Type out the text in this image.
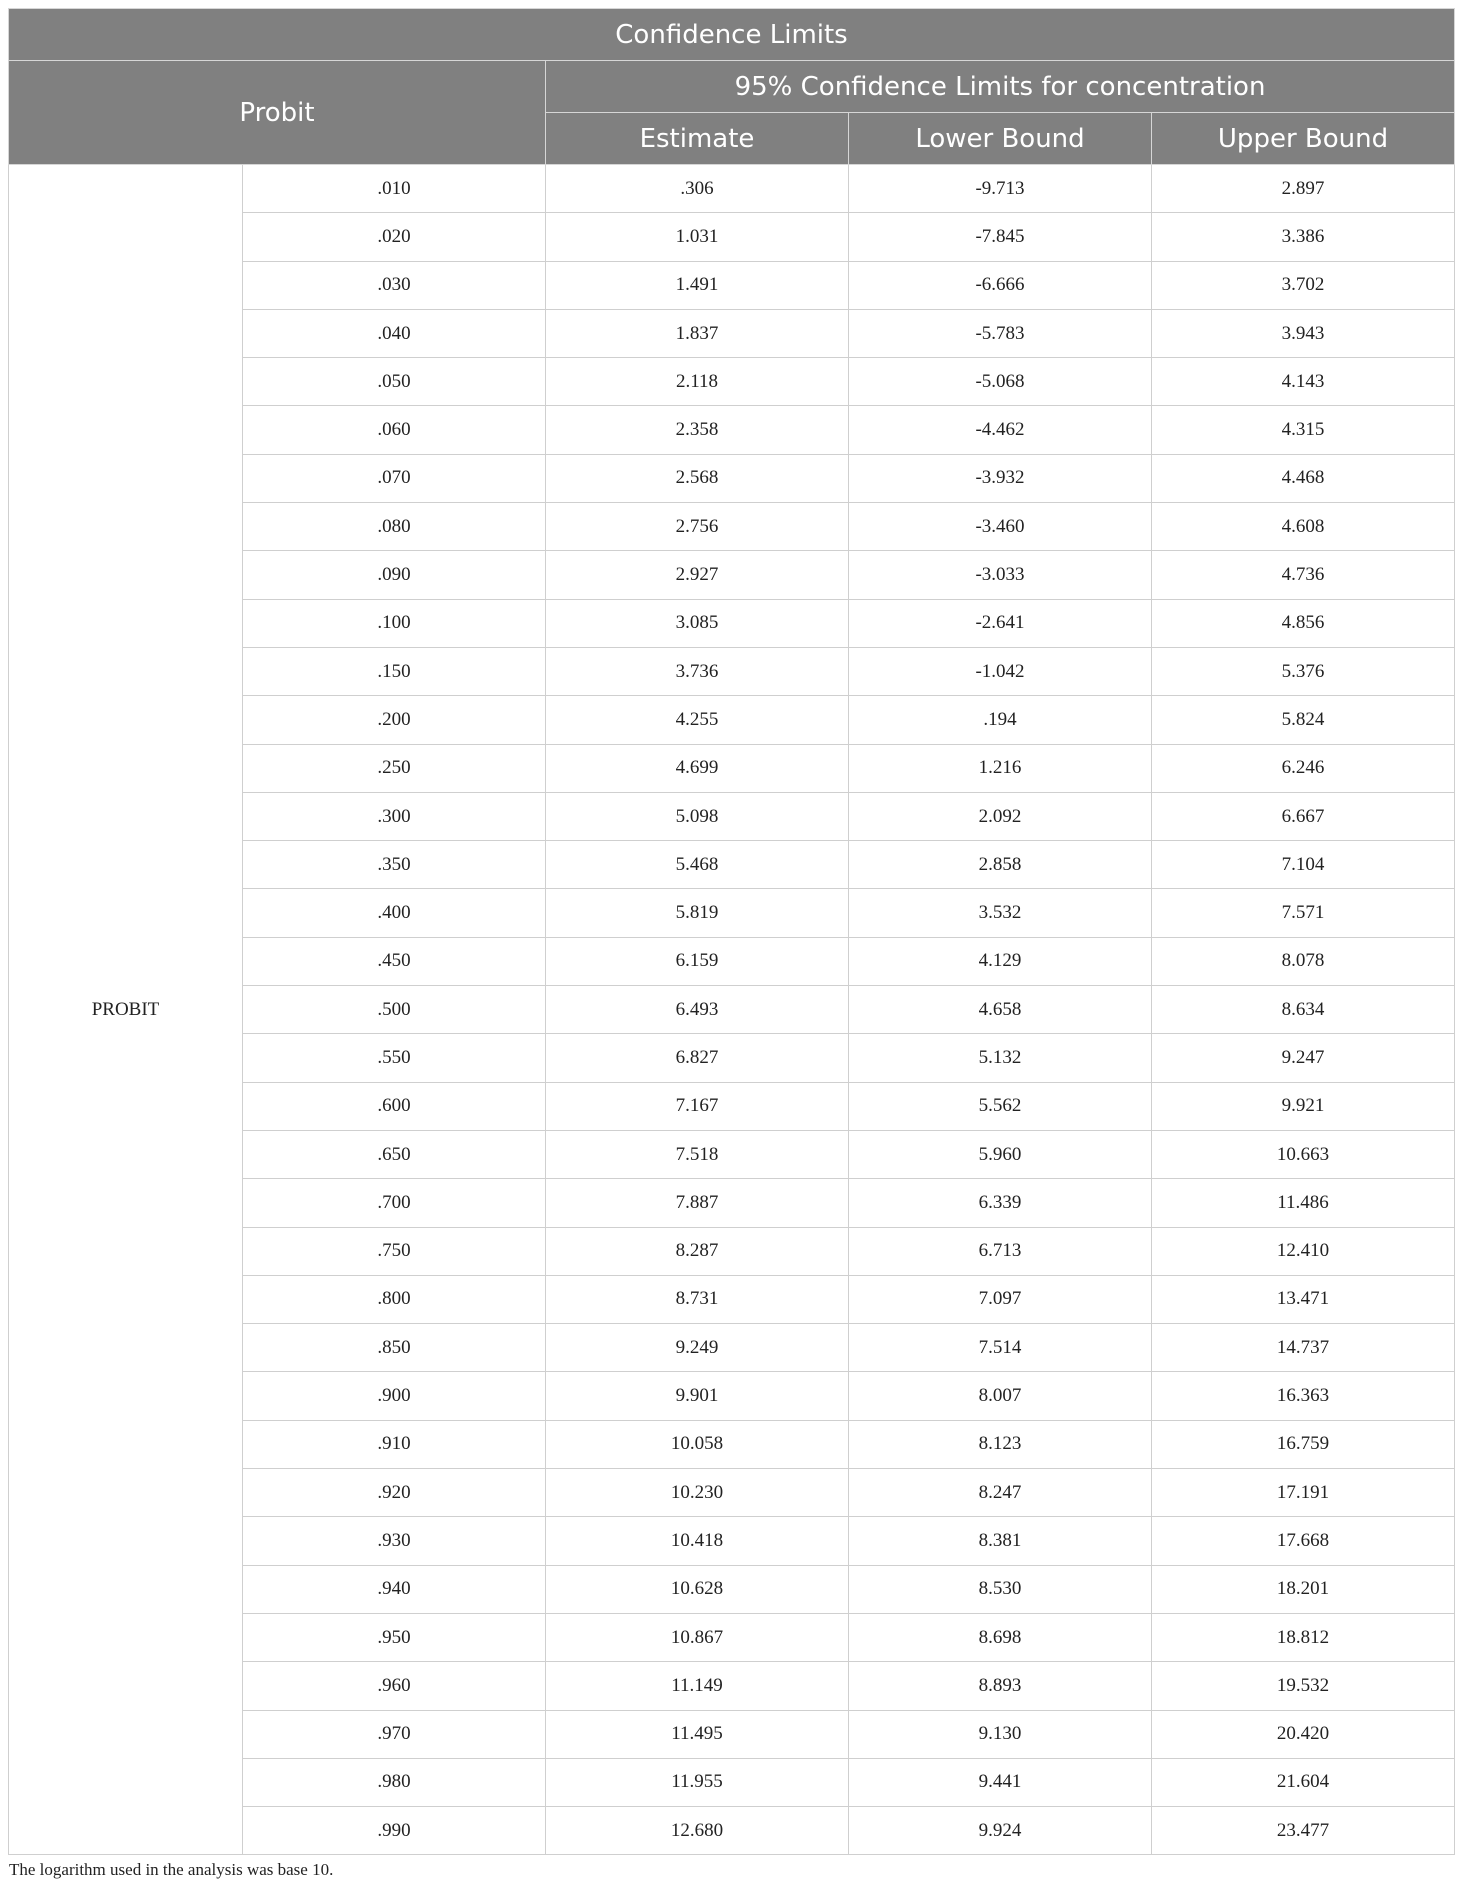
Confidence Limits				
Probit		95% Confidence Limits for concentration		
		Estimate	Lower Bound	Upper Bound
PROBIT	.010	.306	-9.713	2.897
	.020	1.031	-7.845	3.386
	.030	1.491	-6.666	3.702
	.040	1.837	-5.783	3.943
	.050	2.118	-5.068	4.143
	.060	2.358	-4.462	4.315
	.070	2.568	-3.932	4.468
	.080	2.756	-3.460	4.608
	.090	2.927	-3.033	4.736
	.100	3.085	-2.641	4.856
	.150	3.736	-1.042	5.376
	.200	4.255	.194	5.824
	.250	4.699	1.216	6.246
	.300	5.098	2.092	6.667
	.350	5.468	2.858	7.104
	.400	5.819	3.532	7.571
	.450	6.159	4.129	8.078
	.500	6.493	4.658	8.634
	.550	6.827	5.132	9.247
	.600	7.167	5.562	9.921
	.650	7.518	5.960	10.663
	.700	7.887	6.339	11.486
	.750	8.287	6.713	12.410
	.800	8.731	7.097	13.471
	.850	9.249	7.514	14.737
	.900	9.901	8.007	16.363
	.910	10.058	8.123	16.759
	.920	10.230	8.247	17.191
	.930	10.418	8.381	17.668
	.940	10.628	8.530	18.201
	.950	10.867	8.698	18.812
	.960	11.149	8.893	19.532
	.970	11.495	9.130	20.420
	.980	11.955	9.441	21.604
	.990	12.680	9.924	23.477
The logarithm used in the analysis was base 10.
